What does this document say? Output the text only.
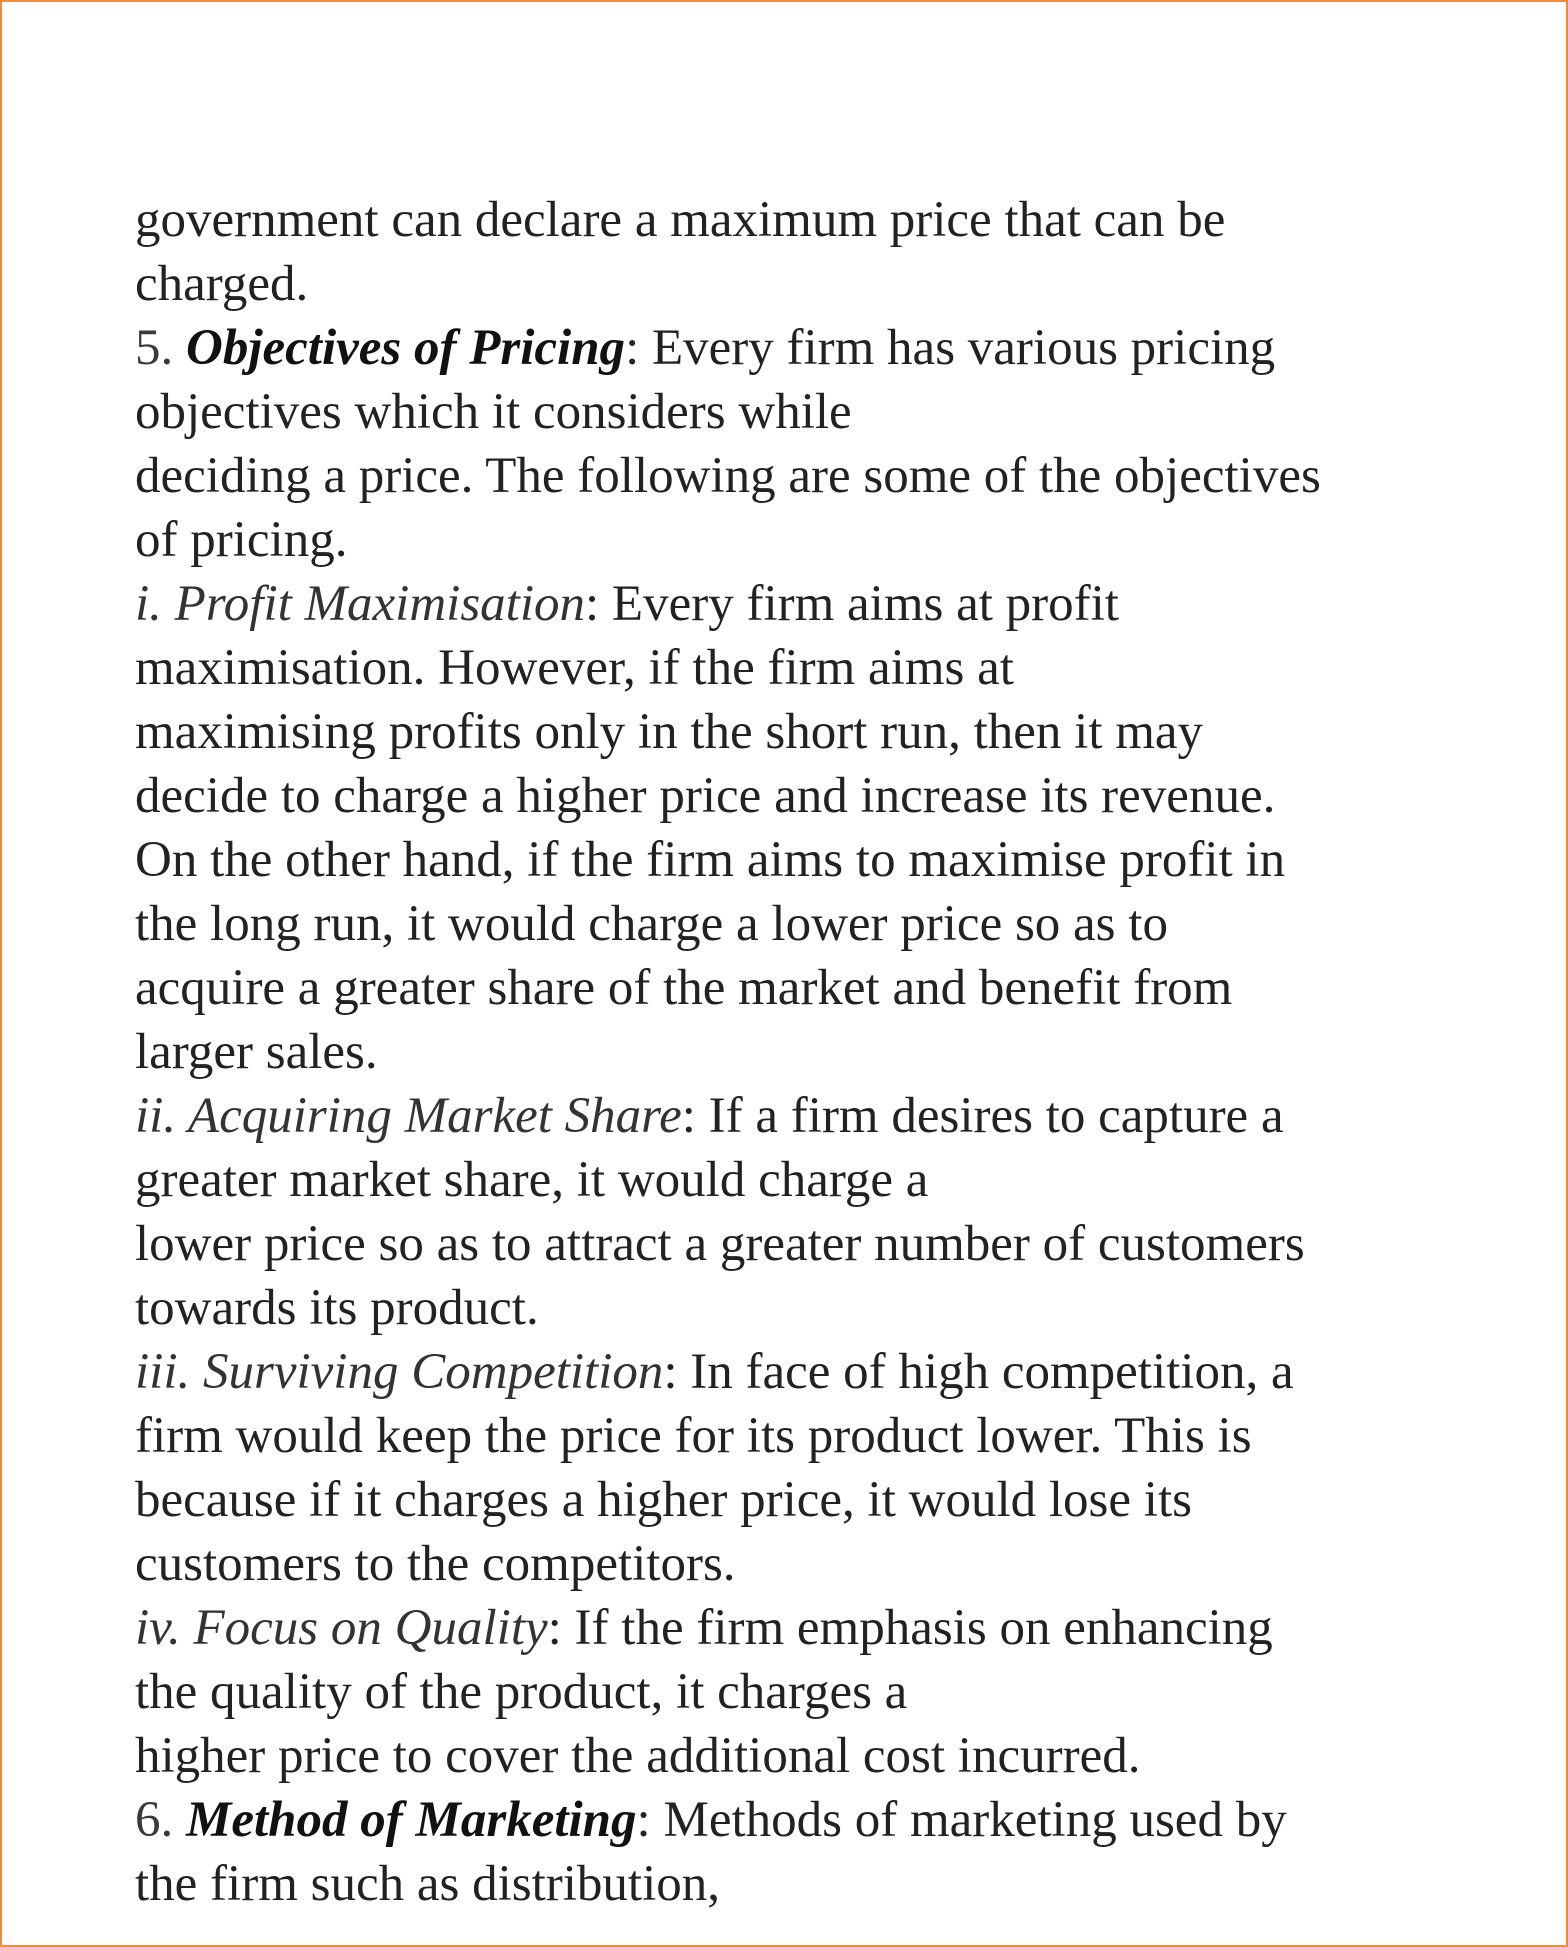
government can declare a maximum price that can be
charged.
5. Objectives of Pricing: Every firm has various pricing
objectives which it considers while
deciding a price. The following are some of the objectives
of pricing.
i. Profit Maximisation: Every firm aims at profit
maximisation. However, if the firm aims at
maximising profits only in the short run, then it may
decide to charge a higher price and increase its revenue.
On the other hand, if the firm aims to maximise profit in
the long run, it would charge a lower price so as to
acquire a greater share of the market and benefit from
larger sales.
ii. Acquiring Market Share: If a firm desires to capture a
greater market share, it would charge a
lower price so as to attract a greater number of customers
towards its product.
iii. Surviving Competition: In face of high competition, a
firm would keep the price for its product lower. This is
because if it charges a higher price, it would lose its
customers to the competitors.
iv. Focus on Quality: If the firm emphasis on enhancing
the quality of the product, it charges a
higher price to cover the additional cost incurred.
6. Method of Marketing: Methods of marketing used by
the firm such as distribution,
